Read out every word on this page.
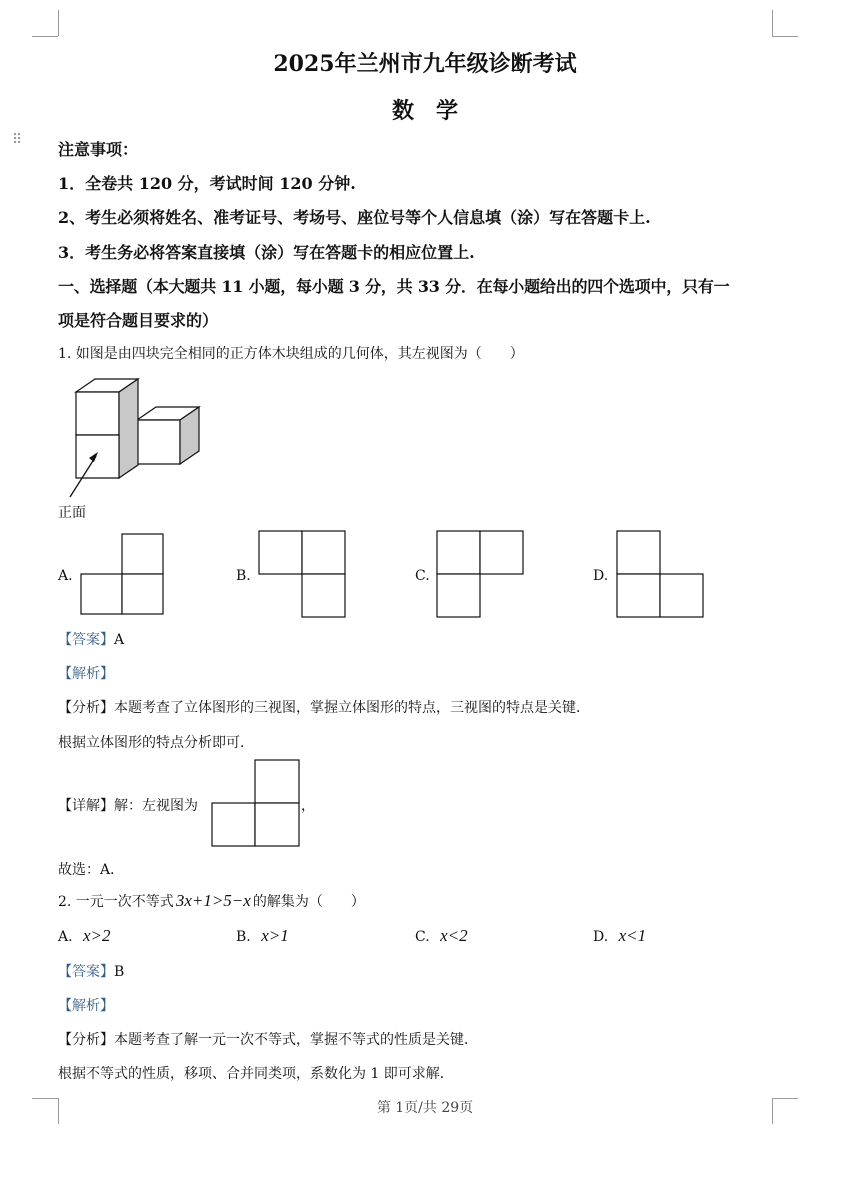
2025年兰州市九年级诊断考试
数　学
⠿ 注意事项：
1．全卷共 120 分，考试时间 120 分钟.
2、考生必须将姓名、准考证号、考场号、座位号等个人信息填（涂）写在答题卡上.
3．考生务必将答案直接填（涂）写在答题卡的相应位置上.
一、选择题（本大题共 11 小题，每小题 3 分，共 33 分．在每小题给出的四个选项中，只有一
项是符合题目要求的）
1. 如图是由四块完全相同的正方体木块组成的几何体，其左视图为（　　）
正面
A.	B.	C.	D.
【答案】A
【解析】
【分析】本题考查了立体图形的三视图，掌握立体图形的特点，三视图的特点是关键．
根据立体图形的特点分析即可．
【详解】解：左视图为	，
故选：A．
2. 一元一次不等式 3x+1>5−x 的解集为（　　）
A. x>2	B. x>1	C. x<2	D. x<1
【答案】B
【解析】
【分析】本题考查了解一元一次不等式，掌握不等式的性质是关键．
根据不等式的性质，移项、合并同类项，系数化为 1 即可求解．
第 1页/共 29页
